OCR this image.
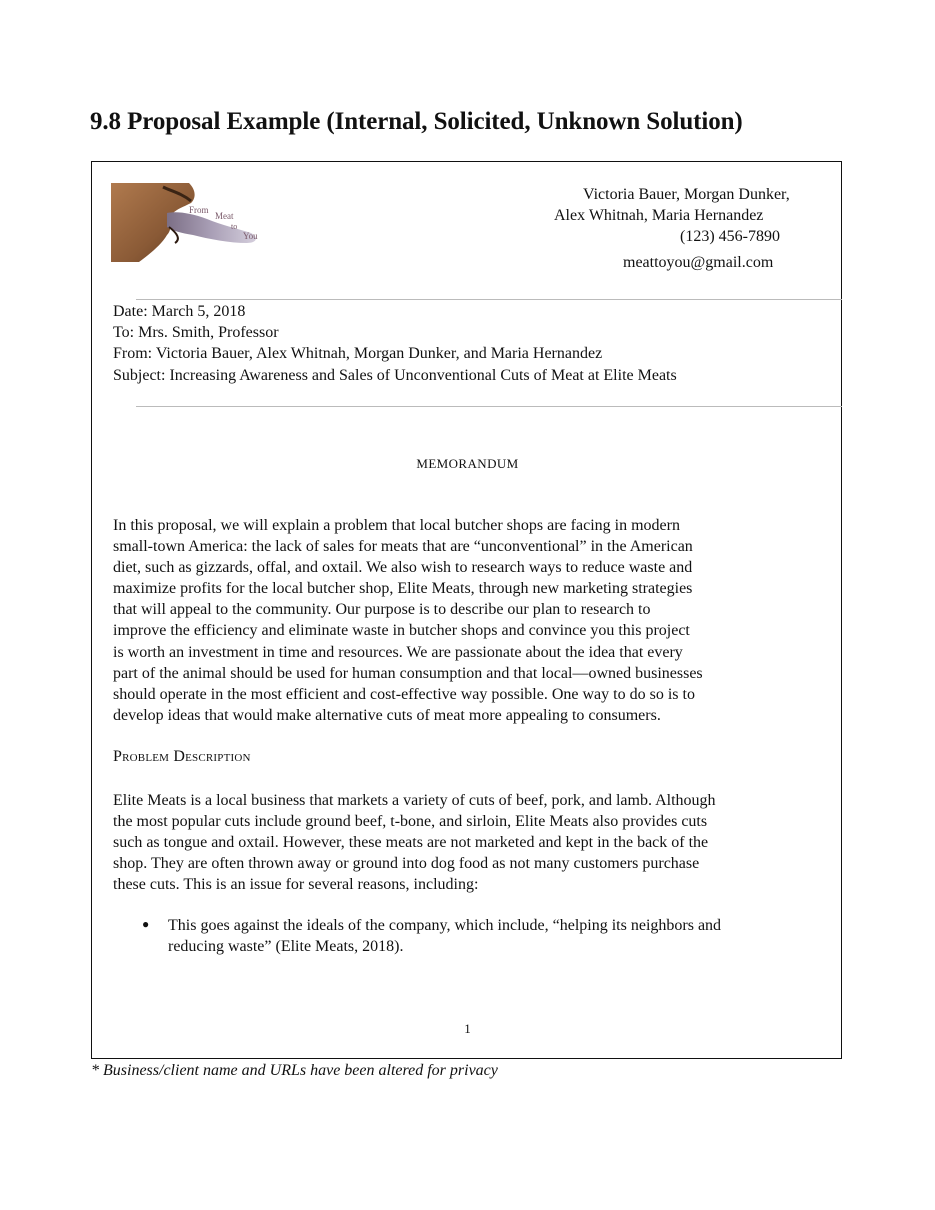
9.8 Proposal Example (Internal, Solicited, Unknown Solution)
From
Meat
to
You
Victoria Bauer, Morgan Dunker,
Alex Whitnah, Maria Hernandez
(123) 456-7890
meattoyou@gmail.com
Date: March 5, 2018
To: Mrs. Smith, Professor
From: Victoria Bauer, Alex Whitnah, Morgan Dunker, and Maria Hernandez
Subject: Increasing Awareness and Sales of Unconventional Cuts of Meat at Elite Meats
MEMORANDUM
In this proposal, we will explain a problem that local butcher shops are facing in modern
small-town America: the lack of sales for meats that are “unconventional” in the American
diet, such as gizzards, offal, and oxtail. We also wish to research ways to reduce waste and
maximize profits for the local butcher shop, Elite Meats, through new marketing strategies
that will appeal to the community. Our purpose is to describe our plan to research to
improve the efficiency and eliminate waste in butcher shops and convince you this project
is worth an investment in time and resources. We are passionate about the idea that every
part of the animal should be used for human consumption and that local—owned businesses
should operate in the most efficient and cost-effective way possible. One way to do so is to
develop ideas that would make alternative cuts of meat more appealing to consumers.
Problem Description
Elite Meats is a local business that markets a variety of cuts of beef, pork, and lamb. Although
the most popular cuts include ground beef, t-bone, and sirloin, Elite Meats also provides cuts
such as tongue and oxtail. However, these meats are not marketed and kept in the back of the
shop. They are often thrown away or ground into dog food as not many customers purchase
these cuts. This is an issue for several reasons, including:
● This goes against the ideals of the company, which include, “helping its neighbors and
reducing waste” (Elite Meats, 2018).
1
* Business/client name and URLs have been altered for privacy
